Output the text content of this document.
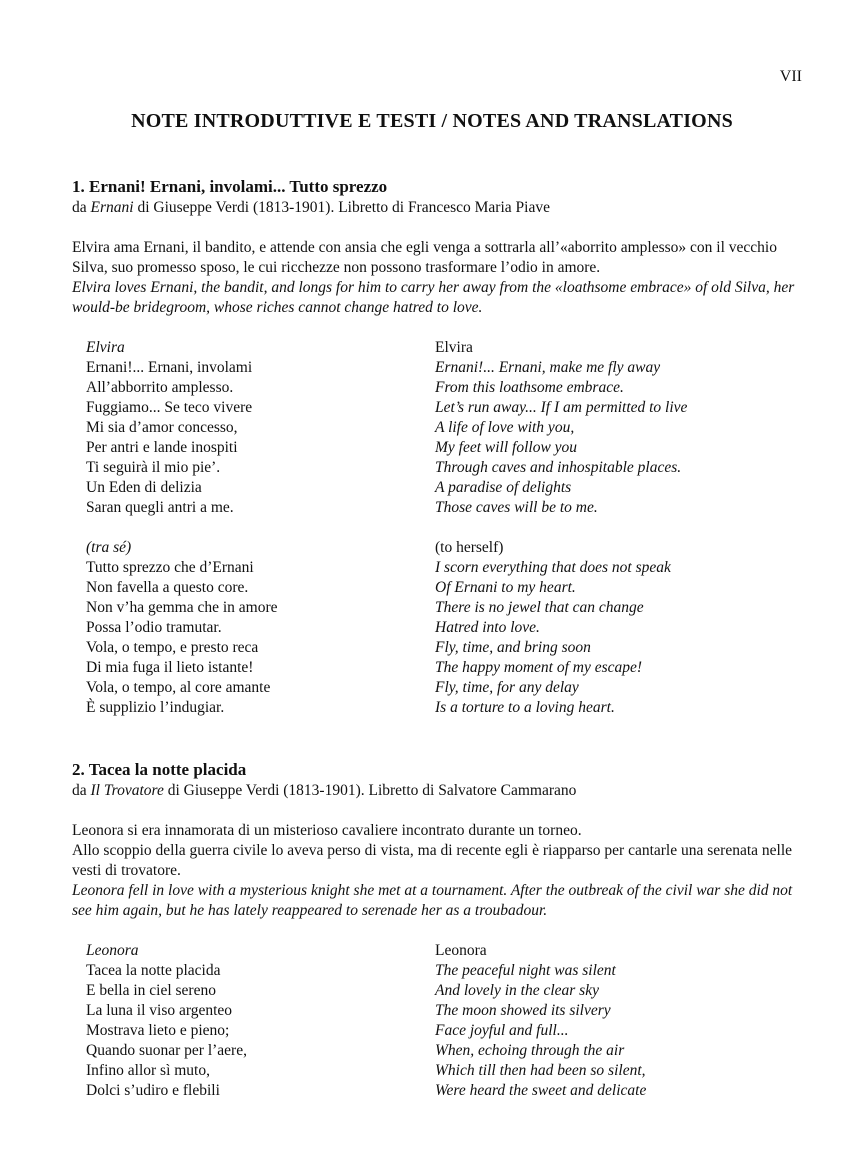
VII
NOTE INTRODUTTIVE E TESTI / NOTES AND TRANSLATIONS
1. Ernani! Ernani, involami... Tutto sprezzo
da Ernani di Giuseppe Verdi (1813-1901). Libretto di Francesco Maria Piave

Elvira ama Ernani, il bandito, e attende con ansia che egli venga a sottrarla all’«aborrito amplesso» con il vecchio Silva, suo promesso sposo, le cui ricchezze non possono trasformare l’odio in amore.

Elvira loves Ernani, the bandit, and longs for him to carry her away from the «loathsome embrace» of old Silva, her would-be bridegroom, whose riches cannot change hatred to love.

Elvira
Ernani!... Ernani, involami
All’abborrito amplesso.
Fuggiamo... Se teco vivere
Mi sia d’amor concesso,
Per antri e lande inospiti
Ti seguirà il mio pie’.
Un Eden di delizia
Saran quegli antri a me.
(tra sé)
Tutto sprezzo che d’Ernani
Non favella a questo core.
Non v’ha gemma che in amore
Possa l’odio tramutar.
Vola, o tempo, e presto reca
Di mia fuga il lieto istante!
Vola, o tempo, al core amante
È supplizio l’indugiar.
Elvira
Ernani!... Ernani, make me fly away
From this loathsome embrace.
Let’s run away... If I am permitted to live
A life of love with you,
My feet will follow you
Through caves and inhospitable places.
A paradise of delights
Those caves will be to me.
(to herself)
I scorn everything that does not speak
Of Ernani to my heart.
There is no jewel that can change
Hatred into love.
Fly, time, and bring soon
The happy moment of my escape!
Fly, time, for any delay
Is a torture to a loving heart.
2. Tacea la notte placida
da Il Trovatore di Giuseppe Verdi (1813-1901). Libretto di Salvatore Cammarano

Leonora si era innamorata di un misterioso cavaliere incontrato durante un torneo.

Allo scoppio della guerra civile lo aveva perso di vista, ma di recente egli è riapparso per cantarle una serenata nelle vesti di trovatore.

Leonora fell in love with a mysterious knight she met at a tournament. After the outbreak of the civil war she did not see him again, but he has lately reappeared to serenade her as a troubadour.

Leonora
Tacea la notte placida
E bella in ciel sereno
La luna il viso argenteo
Mostrava lieto e pieno;
Quando suonar per l’aere,
Infino allor sì muto,
Dolci s’udiro e flebili
Leonora
The peaceful night was silent
And lovely in the clear sky
The moon showed its silvery
Face joyful and full...
When, echoing through the air
Which till then had been so silent,
Were heard the sweet and delicate
